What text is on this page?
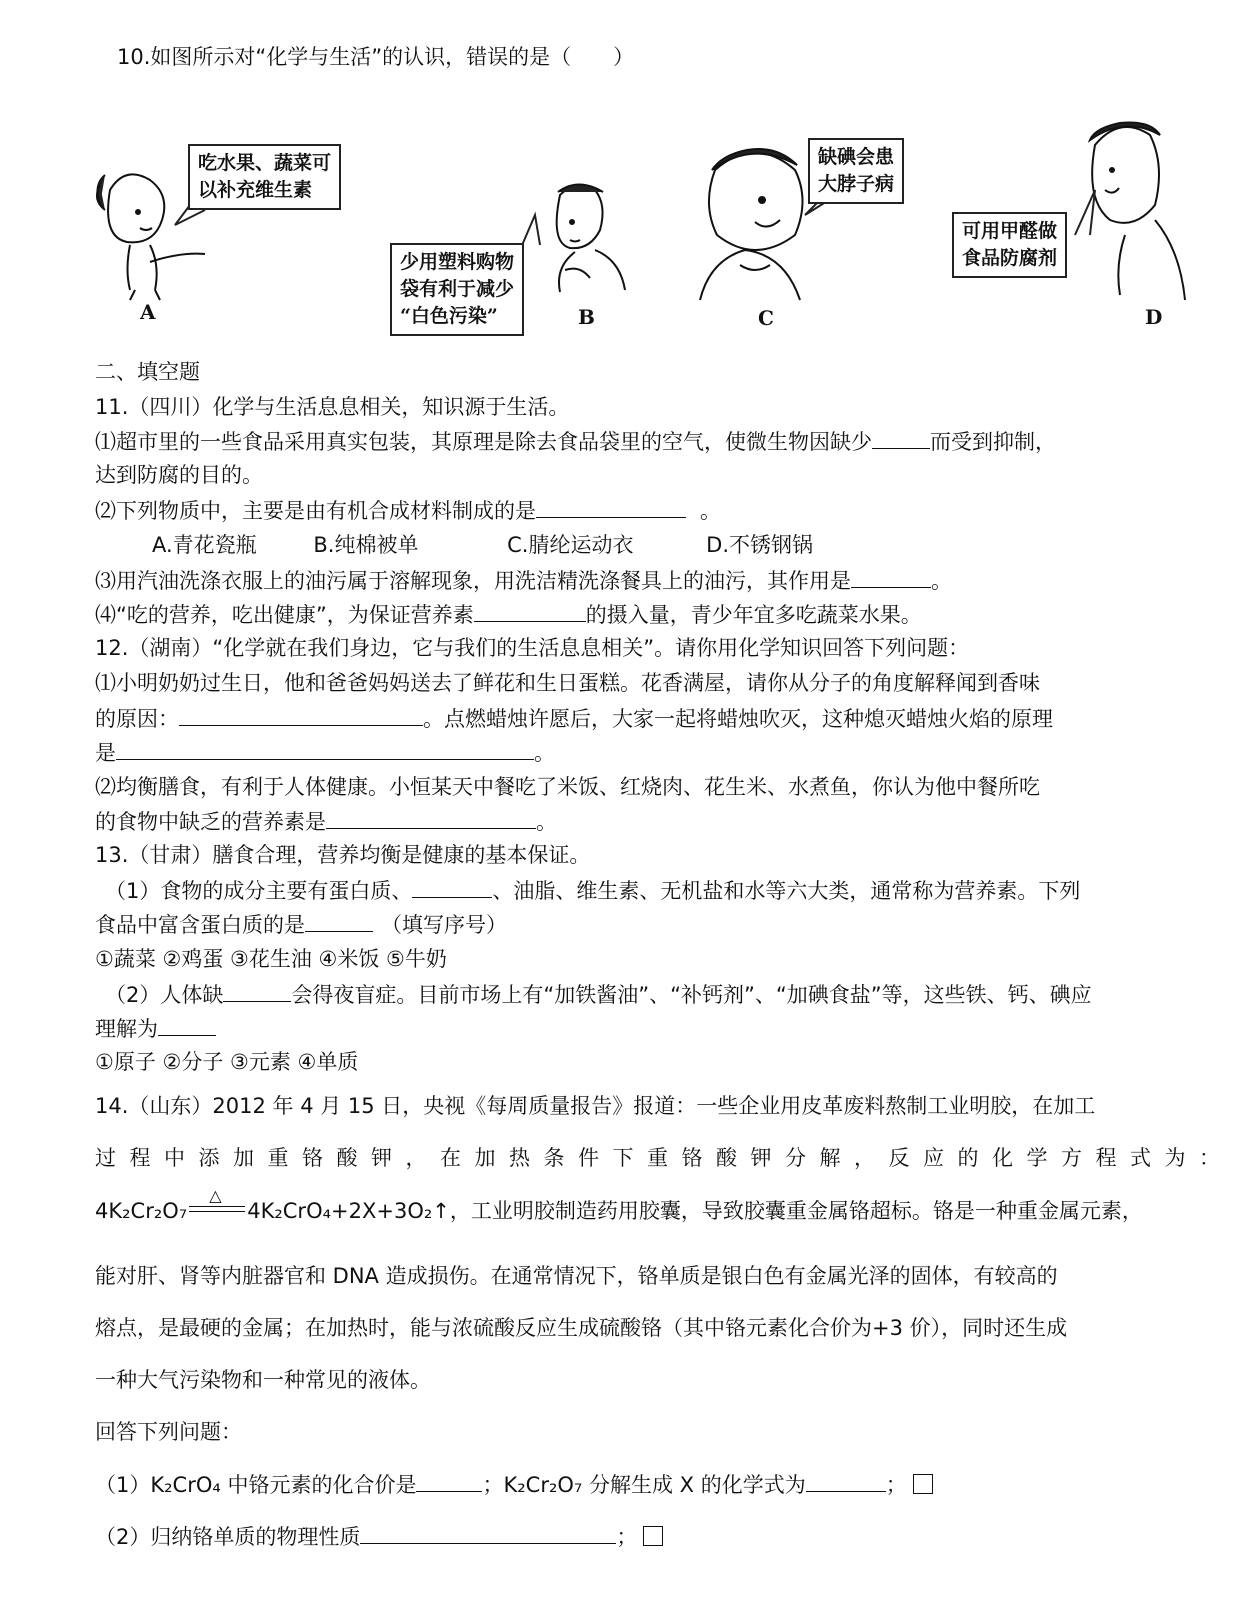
10.如图所示对“化学与生活”的认识，错误的是（　　）
吃水果、蔬菜可
以补充维生素
少用塑料购物
袋有利于减少
“白色污染”
缺碘会患
大脖子病
可用甲醛做
食品防腐剂
A	B	C	D
二、填空题
11.（四川）化学与生活息息相关，知识源于生活。
⑴超市里的一些食品采用真实包装，其原理是除去食品袋里的空气，使微生物因缺少	而受到抑制，
达到防腐的目的。
⑵下列物质中，主要是由有机合成材料制成的是	。
A.青花瓷瓶	B.纯棉被单	C.腈纶运动衣	D.不锈钢锅
⑶用汽油洗涤衣服上的油污属于溶解现象，用洗洁精洗涤餐具上的油污，其作用是	。
⑷“吃的营养，吃出健康”，为保证营养素	的摄入量，青少年宜多吃蔬菜水果。
12.（湖南）“化学就在我们身边，它与我们的生活息息相关”。请你用化学知识回答下列问题：
⑴小明奶奶过生日，他和爸爸妈妈送去了鲜花和生日蛋糕。花香满屋，请你从分子的角度解释闻到香味
的原因：	。点燃蜡烛许愿后，大家一起将蜡烛吹灭，这种熄灭蜡烛火焰的原理
是	。
⑵均衡膳食，有利于人体健康。小恒某天中餐吃了米饭、红烧肉、花生米、水煮鱼，你认为他中餐所吃
的食物中缺乏的营养素是	。
13.（甘肃）膳食合理，营养均衡是健康的基本保证。
（1）食物的成分主要有蛋白质、	、油脂、维生素、无机盐和水等六大类，通常称为营养素。下列
食品中富含蛋白质的是	（填写序号）
①蔬菜 ②鸡蛋 ③花生油 ④米饭 ⑤牛奶
（2）人体缺	会得夜盲症。目前市场上有“加铁酱油”、“补钙剂”、“加碘食盐”等，这些铁、钙、碘应
理解为
①原子 ②分子 ③元素 ④单质
14.（山东）2012 年 4 月 15 日，央视《每周质量报告》报道：一些企业用皮革废料熬制工业明胶，在加工
过程中添加重铬酸钾，在加热条件下重铬酸钾分解，反应的化学方程式为：
4K₂Cr₂O₇
△
4K₂CrO₄+2X+3O₂↑，工业明胶制造药用胶囊，导致胶囊重金属铬超标。铬是一种重金属元素，
能对肝、肾等内脏器官和 DNA 造成损伤。在通常情况下，铬单质是银白色有金属光泽的固体，有较高的
熔点，是最硬的金属；在加热时，能与浓硫酸反应生成硫酸铬（其中铬元素化合价为+3 价），同时还生成
一种大气污染物和一种常见的液体。
回答下列问题：
（1）K₂CrO₄ 中铬元素的化合价是	；K₂Cr₂O₇ 分解生成 X 的化学式为	；
（2）归纳铬单质的物理性质	；
